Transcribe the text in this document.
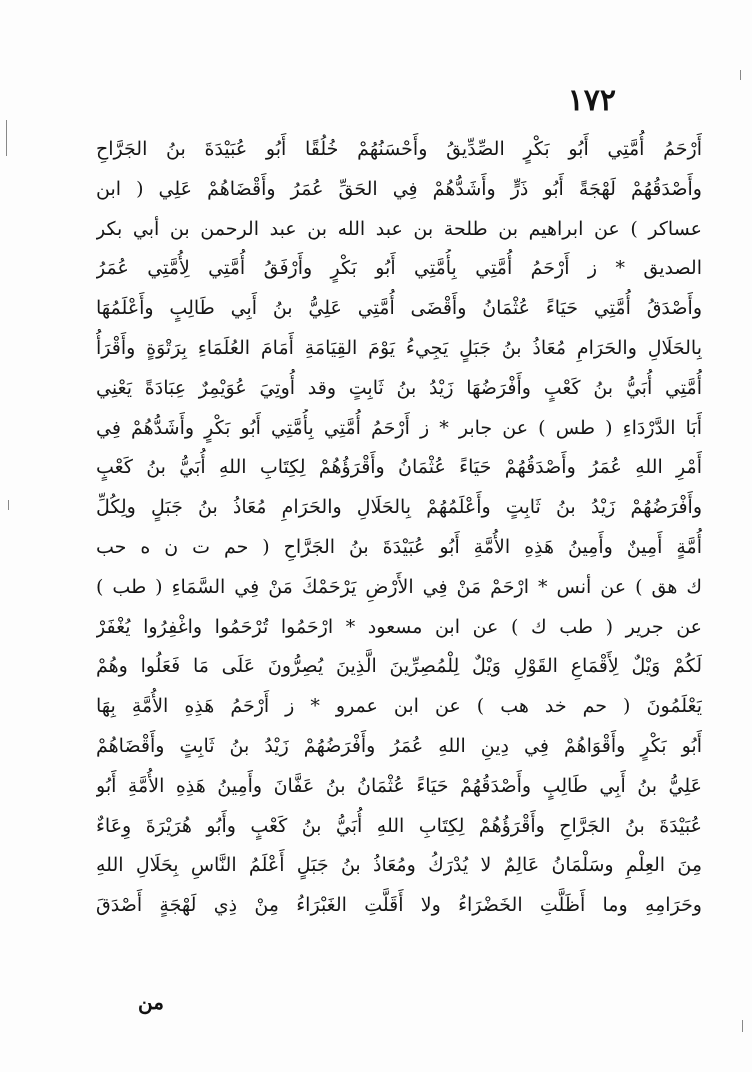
١٧٢
أَرْحَمُ أُمَّتِي أَبُو بَكْرٍ الصِّدِّيقُ وأَحْسَنُهُمْ خُلُقًا أَبُو عُبَيْدَةَ بنُ الجَرَّاحِ
وأَصْدَقُهُمْ لَهْجَةً أَبُو ذَرٍّ وأَشَدُّهُمْ فِي الحَقِّ عُمَرُ وأَقْضَاهُمْ عَلِي ( ابن
عساكر ) عن ابراهيم بن طلحة بن عبد الله بن عبد الرحمن بن أبي بكر
الصديق * ز أَرْحَمُ أُمَّتِي بِأُمَّتِي أَبُو بَكْرٍ وأَرْفَقُ أُمَّتِي لِأُمَّتِي عُمَرُ
وأَصْدَقُ أُمَّتِي حَيَاءً عُثْمَانُ وأَقْضَى أُمَّتِي عَلِيُّ بنُ أَبِي طَالِبٍ وأَعْلَمُهَا
بِالحَلَالِ والحَرَامِ مُعَاذُ بنُ جَبَلٍ يَجِيءُ يَوْمَ القِيَامَةِ أَمَامَ العُلَمَاءِ بِرَتْوَةٍ وأَقْرَأُ
أُمَّتِي أُبَيُّ بنُ كَعْبٍ وأَفْرَضُهَا زَيْدُ بنُ ثَابِتٍ وقد أُوتِيَ عُوَيْمِرٌ عِبَادَةً يَعْنِي
أَبَا الدَّرْدَاءِ ( طس ) عن جابر * ز أَرْحَمُ أُمَّتِي بِأُمَّتِي أَبُو بَكْرٍ وأَشَدُّهُمْ فِي
أَمْرِ اللهِ عُمَرُ وأَصْدَقُهُمْ حَيَاءً عُثْمَانُ وأَقْرَؤُهُمْ لِكِتَابِ اللهِ أُبَيُّ بنُ كَعْبٍ
وأَفْرَضُهُمْ زَيْدُ بنُ ثَابِتٍ وأَعْلَمُهُمْ بِالحَلَالِ والحَرَامِ مُعَاذُ بنُ جَبَلٍ ولِكُلِّ
أُمَّةٍ أَمِينٌ وأَمِينُ هَذِهِ الأُمَّةِ أَبُو عُبَيْدَةَ بنُ الجَرَّاحِ ( حم ت ن ه حب
ك هق ) عن أنس * ارْحَمْ مَنْ فِي الأَرْضِ يَرْحَمْكَ مَنْ فِي السَّمَاءِ ( طب )
عن جرير ( طب ك ) عن ابن مسعود * ارْحَمُوا تُرْحَمُوا واغْفِرُوا يُغْفَرْ
لَكُمْ وَيْلٌ لِأَقْمَاعِ القَوْلِ وَيْلٌ لِلْمُصِرِّينَ الَّذِينَ يُصِرُّونَ عَلَى مَا فَعَلُوا وهُمْ
يَعْلَمُونَ ( حم خد هب ) عن ابن عمرو * ز أَرْحَمُ هَذِهِ الأُمَّةِ بِهَا
أَبُو بَكْرٍ وأَقْوَاهُمْ فِي دِينِ اللهِ عُمَرُ وأَفْرَضُهُمْ زَيْدُ بنُ ثَابِتٍ وأَقْضَاهُمْ
عَلِيُّ بنُ أَبِي طَالِبٍ وأَصْدَقُهُمْ حَيَاءً عُثْمَانُ بنُ عَفَّانَ وأَمِينُ هَذِهِ الأُمَّةِ أَبُو
عُبَيْدَةَ بنُ الجَرَّاحِ وأَقْرَؤُهُمْ لِكِتَابِ اللهِ أُبَيُّ بنُ كَعْبٍ وأَبُو هُرَيْرَةَ وِعَاءٌ
مِنَ العِلْمِ وسَلْمَانُ عَالِمٌ لا يُدْرَكُ ومُعَاذُ بنُ جَبَلٍ أَعْلَمُ النَّاسِ بِحَلَالِ اللهِ
وحَرَامِهِ وما أَظَلَّتِ الخَضْرَاءُ ولا أَقَلَّتِ الغَبْرَاءُ مِنْ ذِي لَهْجَةٍ أَصْدَقَ
من
